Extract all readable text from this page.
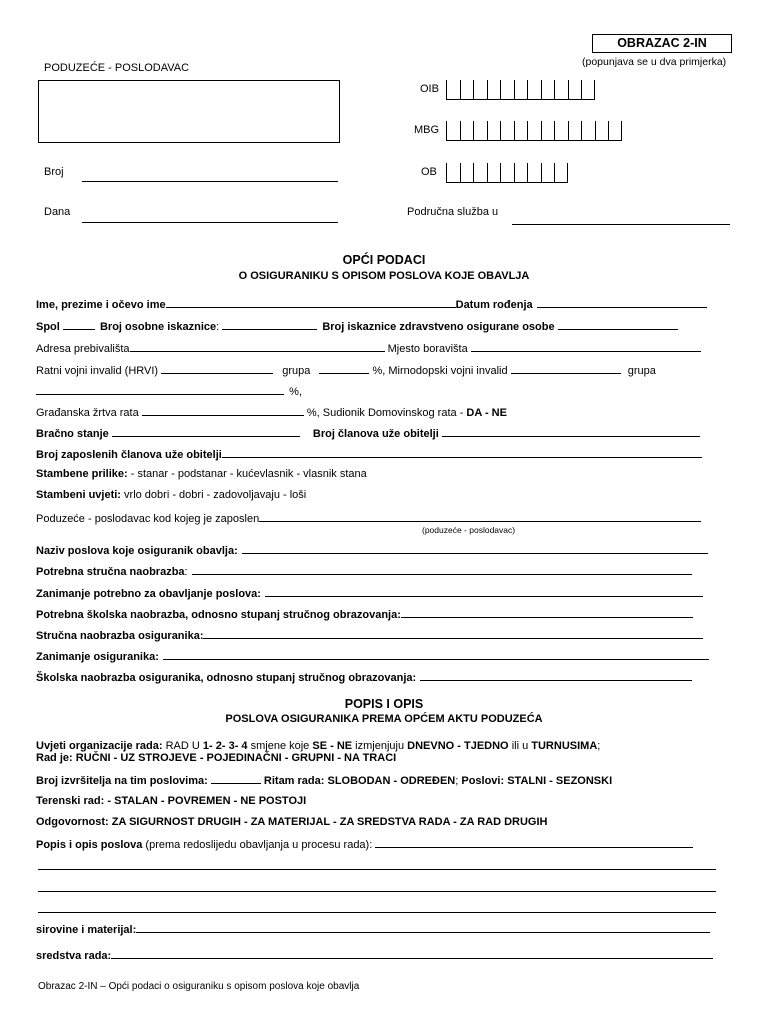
OBRAZAC 2-IN
(popunjava se u dva primjerka)
PODUZEĆE - POSLODAVAC
Broj
Dana
OIB
MBG
OB
Područna služba u
OPĆI PODACI
O OSIGURANIKU S OPISOM POSLOVA KOJE OBAVLJA
Ime, prezime i očevo ime	Datum rođenja
Spol	Broj osobne iskaznice:	Broj iskaznice zdravstveno osigurane osobe
Adresa prebivališta	Mjesto boravišta
Ratni vojni invalid (HRVI)	grupa	%, Mirnodopski vojni invalid	grupa
%,
Građanska žrtva rata	%, Sudionik Domovinskog rata - DA - NE
Bračno stanje	Broj članova uže obitelji
Broj zaposlenih članova uže obitelji
Stambene prilike: - stanar - podstanar - kućevlasnik - vlasnik stana
Stambeni uvjeti: vrlo dobri - dobri - zadovoljavaju - loši
Poduzeće - poslodavac kod kojeg je zaposlen
(poduzeće - poslodavac)
Naziv poslova koje osiguranik obavlja:
Potrebna stručna naobrazba:
Zanimanje potrebno za obavljanje poslova:
Potrebna školska naobrazba, odnosno stupanj stručnog obrazovanja:
Stručna naobrazba osiguranika:
Zanimanje osiguranika:
Školska naobrazba osiguranika, odnosno stupanj stručnog obrazovanja:
POPIS I OPIS
POSLOVA OSIGURANIKA PREMA OPĆEM AKTU PODUZEĆA
Uvjeti organizacije rada: RAD U 1- 2- 3- 4 smjene koje SE - NE izmjenjuju DNEVNO - TJEDNO ili u TURNUSIMA;
Rad je: RUČNI - UZ STROJEVE - POJEDINAČNI - GRUPNI - NA TRACI
Broj izvršitelja na tim poslovima:	Ritam rada: SLOBODAN - ODREĐEN; Poslovi: STALNI - SEZONSKI
Terenski rad: - STALAN - POVREMEN - NE POSTOJI
Odgovornost: ZA SIGURNOST DRUGIH - ZA MATERIJAL - ZA SREDSTVA RADA - ZA RAD DRUGIH
Popis i opis poslova (prema redoslijedu obavljanja u procesu rada):
sirovine i materijal:
sredstva rada:
Obrazac 2-IN – Opći podaci o osiguraniku s opisom poslova koje obavlja
